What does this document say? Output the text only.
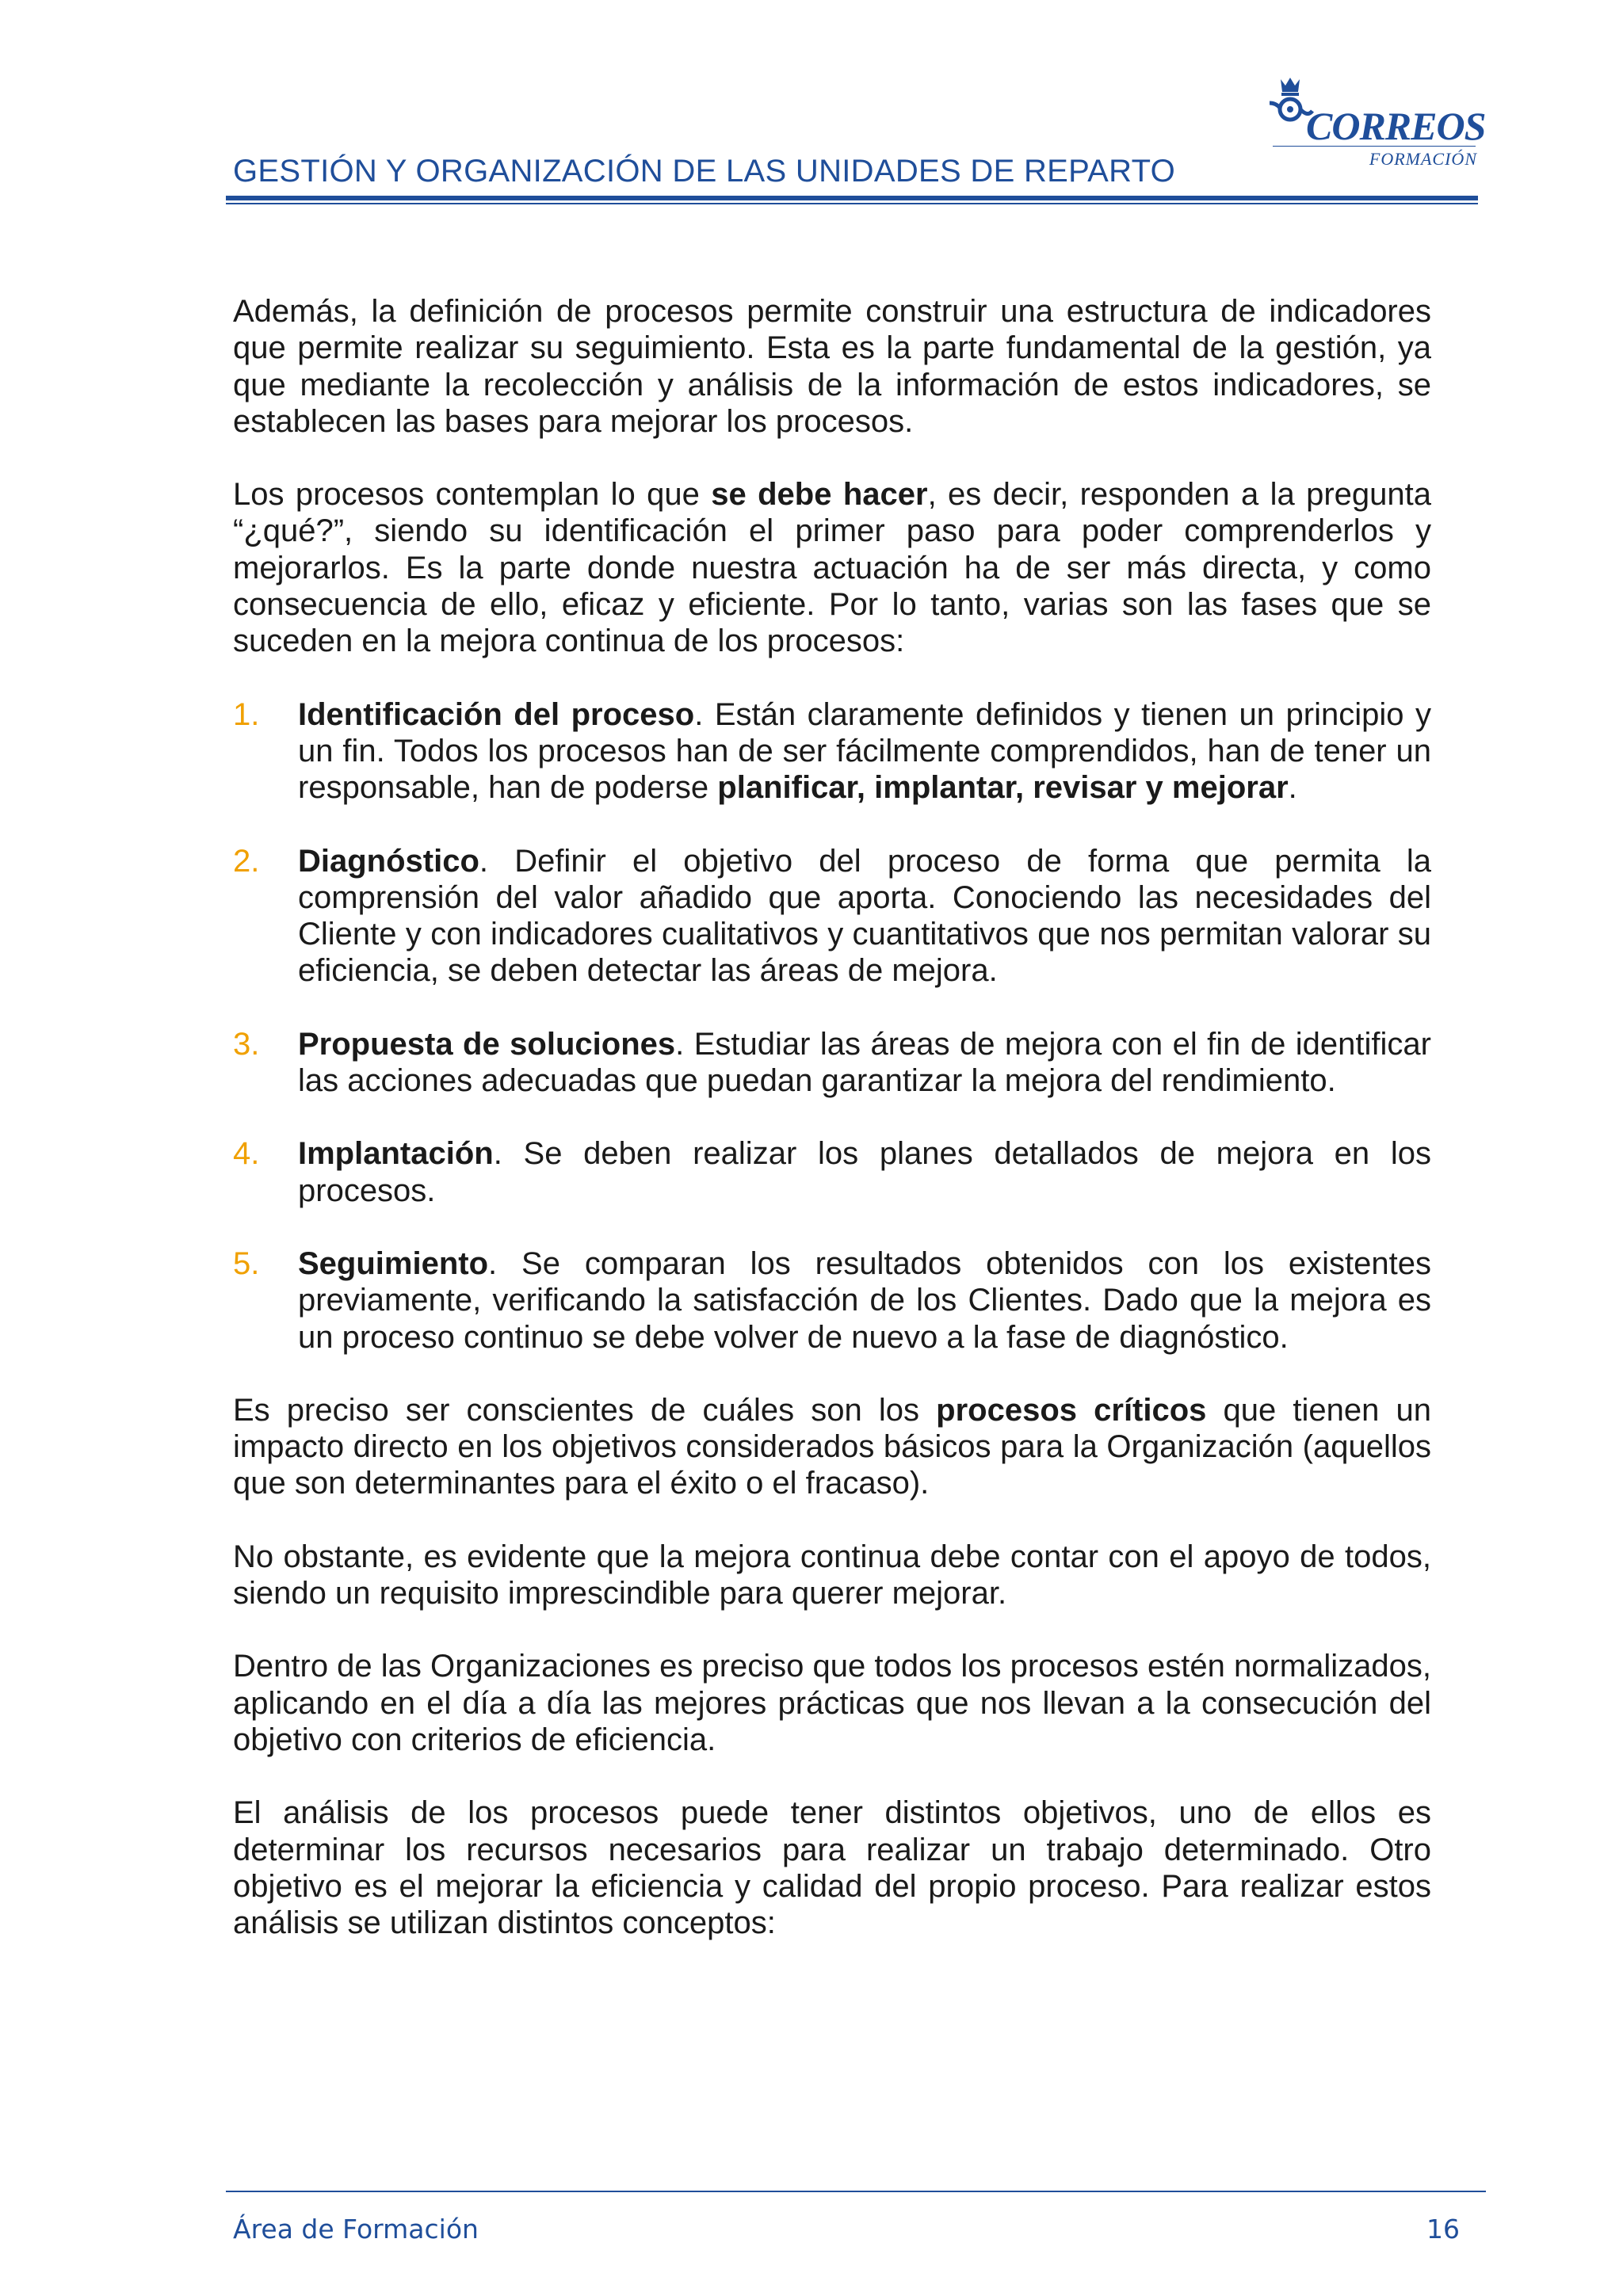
GESTIÓN Y ORGANIZACIÓN DE LAS UNIDADES DE REPARTO
CORREOS
FORMACIÓN

Además, la definición de procesos permite construir una estructura de indicadores que permite realizar su seguimiento. Esta es la parte fundamental de la gestión, ya que mediante la recolección y análisis de la información de estos indicadores, se establecen las bases para mejorar los procesos.

Los procesos contemplan lo que se debe hacer, es decir, responden a la pregunta “¿qué?”, siendo su identificación el primer paso para poder comprenderlos y mejorarlos. Es la parte donde nuestra actuación ha de ser más directa, y como consecuencia de ello, eficaz y eficiente. Por lo tanto, varias son las fases que se suceden en la mejora continua de los procesos:

1. Identificación del proceso. Están claramente definidos y tienen un principio y un fin. Todos los procesos han de ser fácilmente comprendidos, han de tener un responsable, han de poderse planificar, implantar, revisar y mejorar.
2. Diagnóstico. Definir el objetivo del proceso de forma que permita la comprensión del valor añadido que aporta. Conociendo las necesidades del Cliente y con indicadores cualitativos y cuantitativos que nos permitan valorar su eficiencia, se deben detectar las áreas de mejora.
3. Propuesta de soluciones. Estudiar las áreas de mejora con el fin de identificar las acciones adecuadas que puedan garantizar la mejora del rendimiento.
4. Implantación. Se deben realizar los planes detallados de mejora en los procesos.
5. Seguimiento. Se comparan los resultados obtenidos con los existentes previamente, verificando la satisfacción de los Clientes. Dado que la mejora es un proceso continuo se debe volver de nuevo a la fase de diagnóstico.

Es preciso ser conscientes de cuáles son los procesos críticos que tienen un impacto directo en los objetivos considerados básicos para la Organización (aquellos que son determinantes para el éxito o el fracaso).

No obstante, es evidente que la mejora continua debe contar con el apoyo de todos, siendo un requisito imprescindible para querer mejorar.

Dentro de las Organizaciones es preciso que todos los procesos estén normalizados, aplicando en el día a día las mejores prácticas que nos llevan a la consecución del objetivo con criterios de eficiencia.

El análisis de los procesos puede tener distintos objetivos, uno de ellos es determinar los recursos necesarios para realizar un trabajo determinado. Otro objetivo es el mejorar la eficiencia y calidad del propio proceso. Para realizar estos análisis se utilizan distintos conceptos:

Área de Formación	16
